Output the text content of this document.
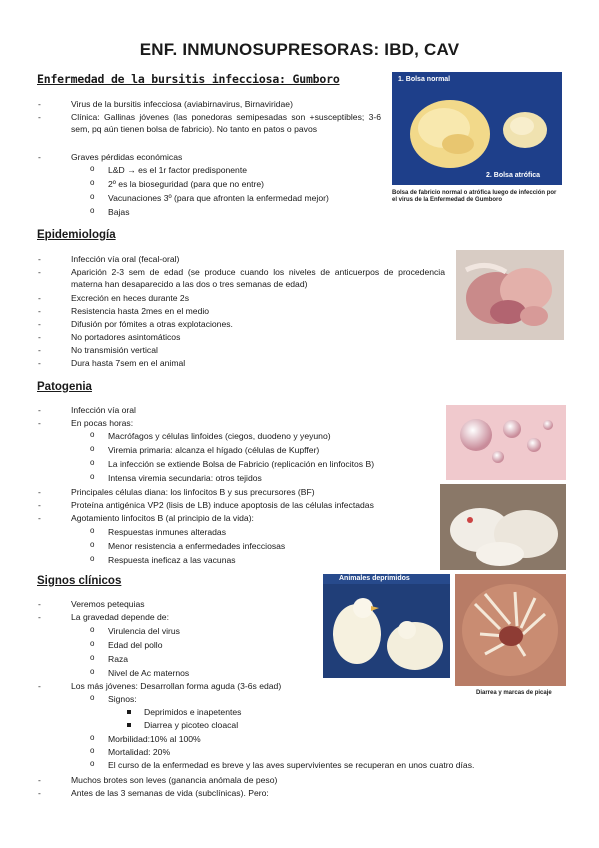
ENF. INMUNOSUPRESORAS: IBD, CAV
Enfermedad de la bursitis infecciosa: Gumboro
-	Virus de la bursitis infecciosa (aviabirnavirus, Birnaviridae)
-	Clínica: Gallinas jóvenes (las ponedoras semipesadas son +susceptibles; 3-6 sem, pq aún tienen bolsa de fabricio). No tanto en patos o pavos
-	Graves pérdidas económicas
o L&D → es el 1r factor predisponente
o 2º es la bioseguridad (para que no entre)
o Vacunaciones 3º (para que afronten la enfermedad mejor)
o Bajas
1. Bolsa normal
2. Bolsa atrófica
Bolsa de fabricio normal o atrófica luego de infección por el virus de la Enfermedad de Gumboro
Epidemiología
-	Infección vía oral (fecal-oral)
-	Aparición 2-3 sem de edad (se produce cuando los niveles de anticuerpos de procedencia materna han desaparecido a las dos o tres semanas de edad)
-	Excreción en heces durante 2s
-	Resistencia hasta 2mes en el medio
-	Difusión por fómites a otras explotaciones.
-	No portadores asintomáticos
-	No transmisión vertical
-	Dura hasta 7sem en el animal
Patogenia
-	Infección vía oral
-	En pocas horas:
o Macrófagos y células linfoides (ciegos, duodeno y yeyuno)
o Viremia primaria: alcanza el hígado (células de Kupffer)
o La infección se extiende Bolsa de Fabricio (replicación en linfocitos B)
o Intensa viremia secundaria: otros tejidos
-	Principales células diana: los linfocitos B y sus precursores (BF)
-	Proteína antigénica VP2 (lisis de LB) induce apoptosis de las células infectadas
-	Agotamiento linfocitos B (al principio de la vida):
o Respuestas inmunes alteradas
o Menor resistencia a enfermedades infecciosas
o Respuesta ineficaz a las vacunas
Signos clínicos
-	Veremos petequias
-	La gravedad depende de:
o Virulencia del virus
o Edad del pollo
o Raza
o Nivel de Ac maternos
-	Los más jóvenes: Desarrollan forma aguda (3-6s edad)
o Signos:
Deprimidos e inapetentes
Diarrea y picoteo cloacal
o Morbilidad:10% al 100%
o Mortalidad: 20%
o El curso de la enfermedad es breve y las aves supervivientes se recuperan en unos cuatro días.
-	Muchos brotes son leves (ganancia anómala de peso)
-	Antes de las 3 semanas de vida (subclínicas). Pero:
Animales deprimidos
Diarrea y marcas de picaje
